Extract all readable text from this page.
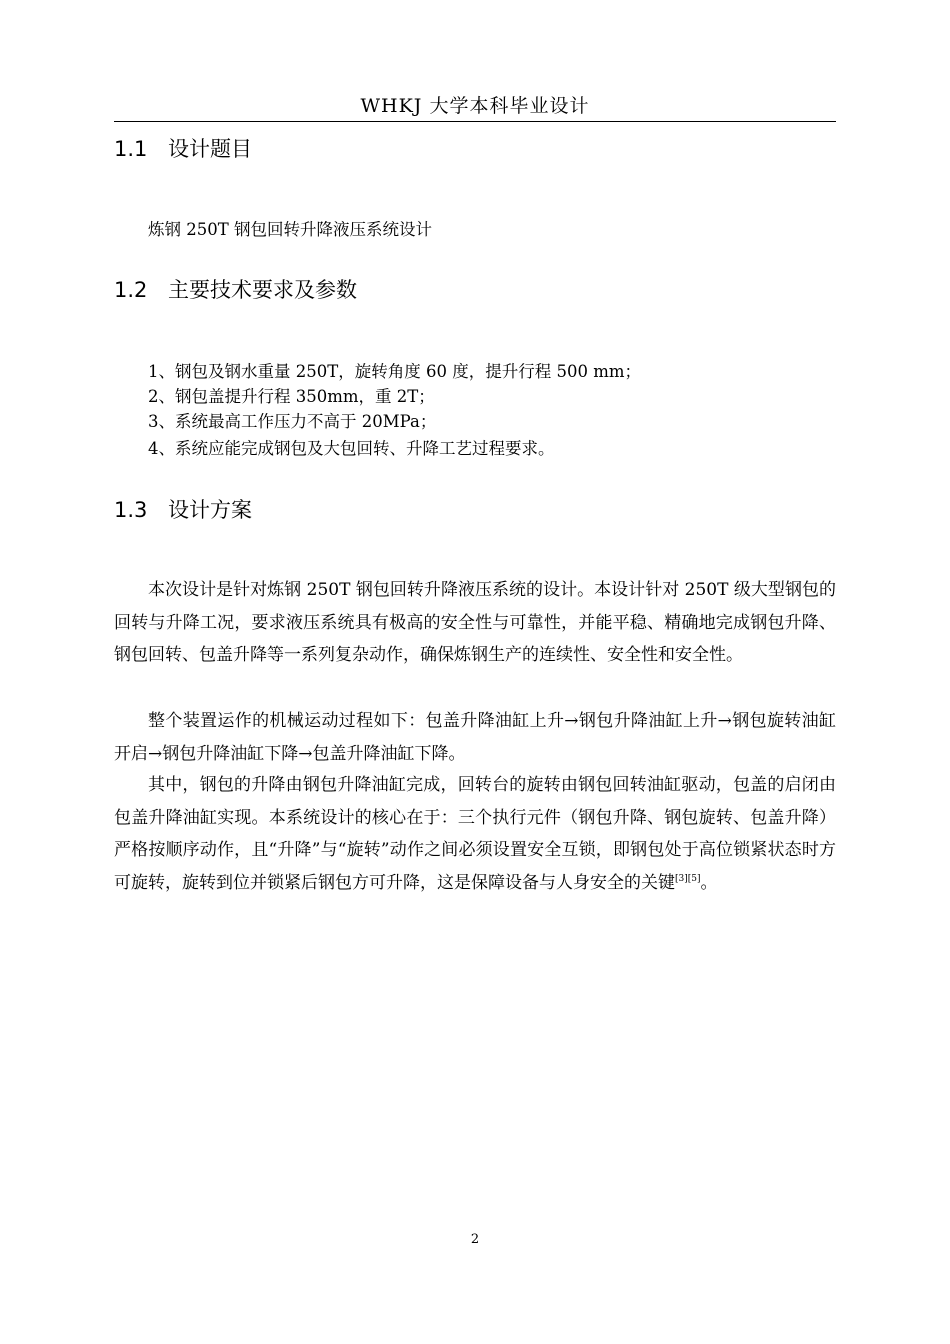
WHKJ 大学本科毕业设计
1.1 设计题目
炼钢 250T 钢包回转升降液压系统设计
1.2 主要技术要求及参数
1、钢包及钢水重量 250T，旋转角度 60 度，提升行程 500 mm；
2、钢包盖提升行程 350mm，重 2T；
3、系统最高工作压力不高于 20MPa；
4、系统应能完成钢包及大包回转、升降工艺过程要求。
1.3 设计方案

本次设计是针对炼钢 250T 钢包回转升降液压系统的设计。本设计针对 250T 级大型钢包的回转与升降工况，要求液压系统具有极高的安全性与可靠性，并能平稳、精确地完成钢包升降、钢包回转、包盖升降等一系列复杂动作，确保炼钢生产的连续性、安全性和安全性。

整个装置运作的机械运动过程如下：包盖升降油缸上升→钢包升降油缸上升→钢包旋转油缸开启→钢包升降油缸下降→包盖升降油缸下降。

其中，钢包的升降由钢包升降油缸完成，回转台的旋转由钢包回转油缸驱动，包盖的启闭由包盖升降油缸实现。本系统设计的核心在于：三个执行元件（钢包升降、钢包旋转、包盖升降）严格按顺序动作，且“升降”与“旋转”动作之间必须设置安全互锁，即钢包处于高位锁紧状态时方可旋转，旋转到位并锁紧后钢包方可升降，这是保障设备与人身安全的关键[3][5]。

2
